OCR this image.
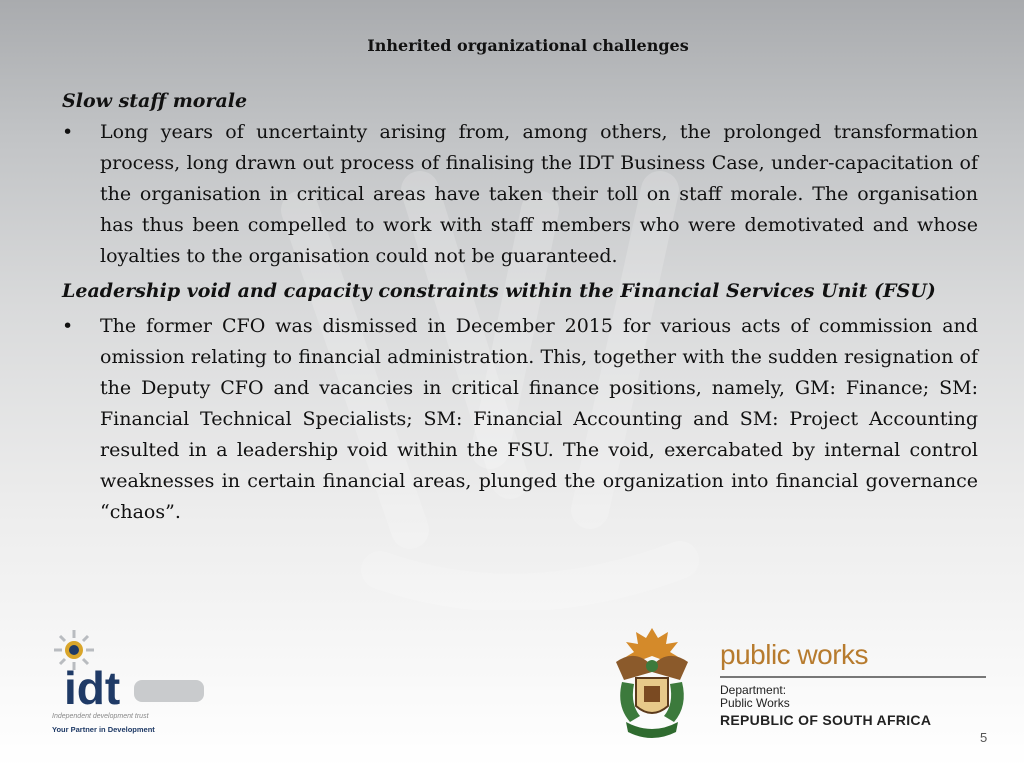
Inherited organizational challenges

Slow staff morale

•	Long years of uncertainty arising from, among others, the prolonged transformation process, long drawn out process of finalising the IDT Business Case, under-capacitation of the organisation in critical areas have taken their toll on staff morale. The organisation has thus been compelled to work with staff members who were demotivated and whose loyalties to the organisation could not be guaranteed.

Leadership void and capacity constraints within the Financial Services Unit (FSU)

•	The former CFO was dismissed in December 2015 for various acts of commission and omission relating to financial administration. This, together with the sudden resignation of the Deputy CFO and vacancies in critical finance positions, namely, GM: Finance; SM: Financial Technical Specialists; SM: Financial Accounting and SM: Project Accounting resulted in a leadership void within the FSU. The void, exercabated by internal control weaknesses in certain financial areas, plunged the organization into financial governance “chaos”.
idt
Independent development trust
Your Partner in Development
public works
Department:
Public Works
REPUBLIC OF SOUTH AFRICA
5
